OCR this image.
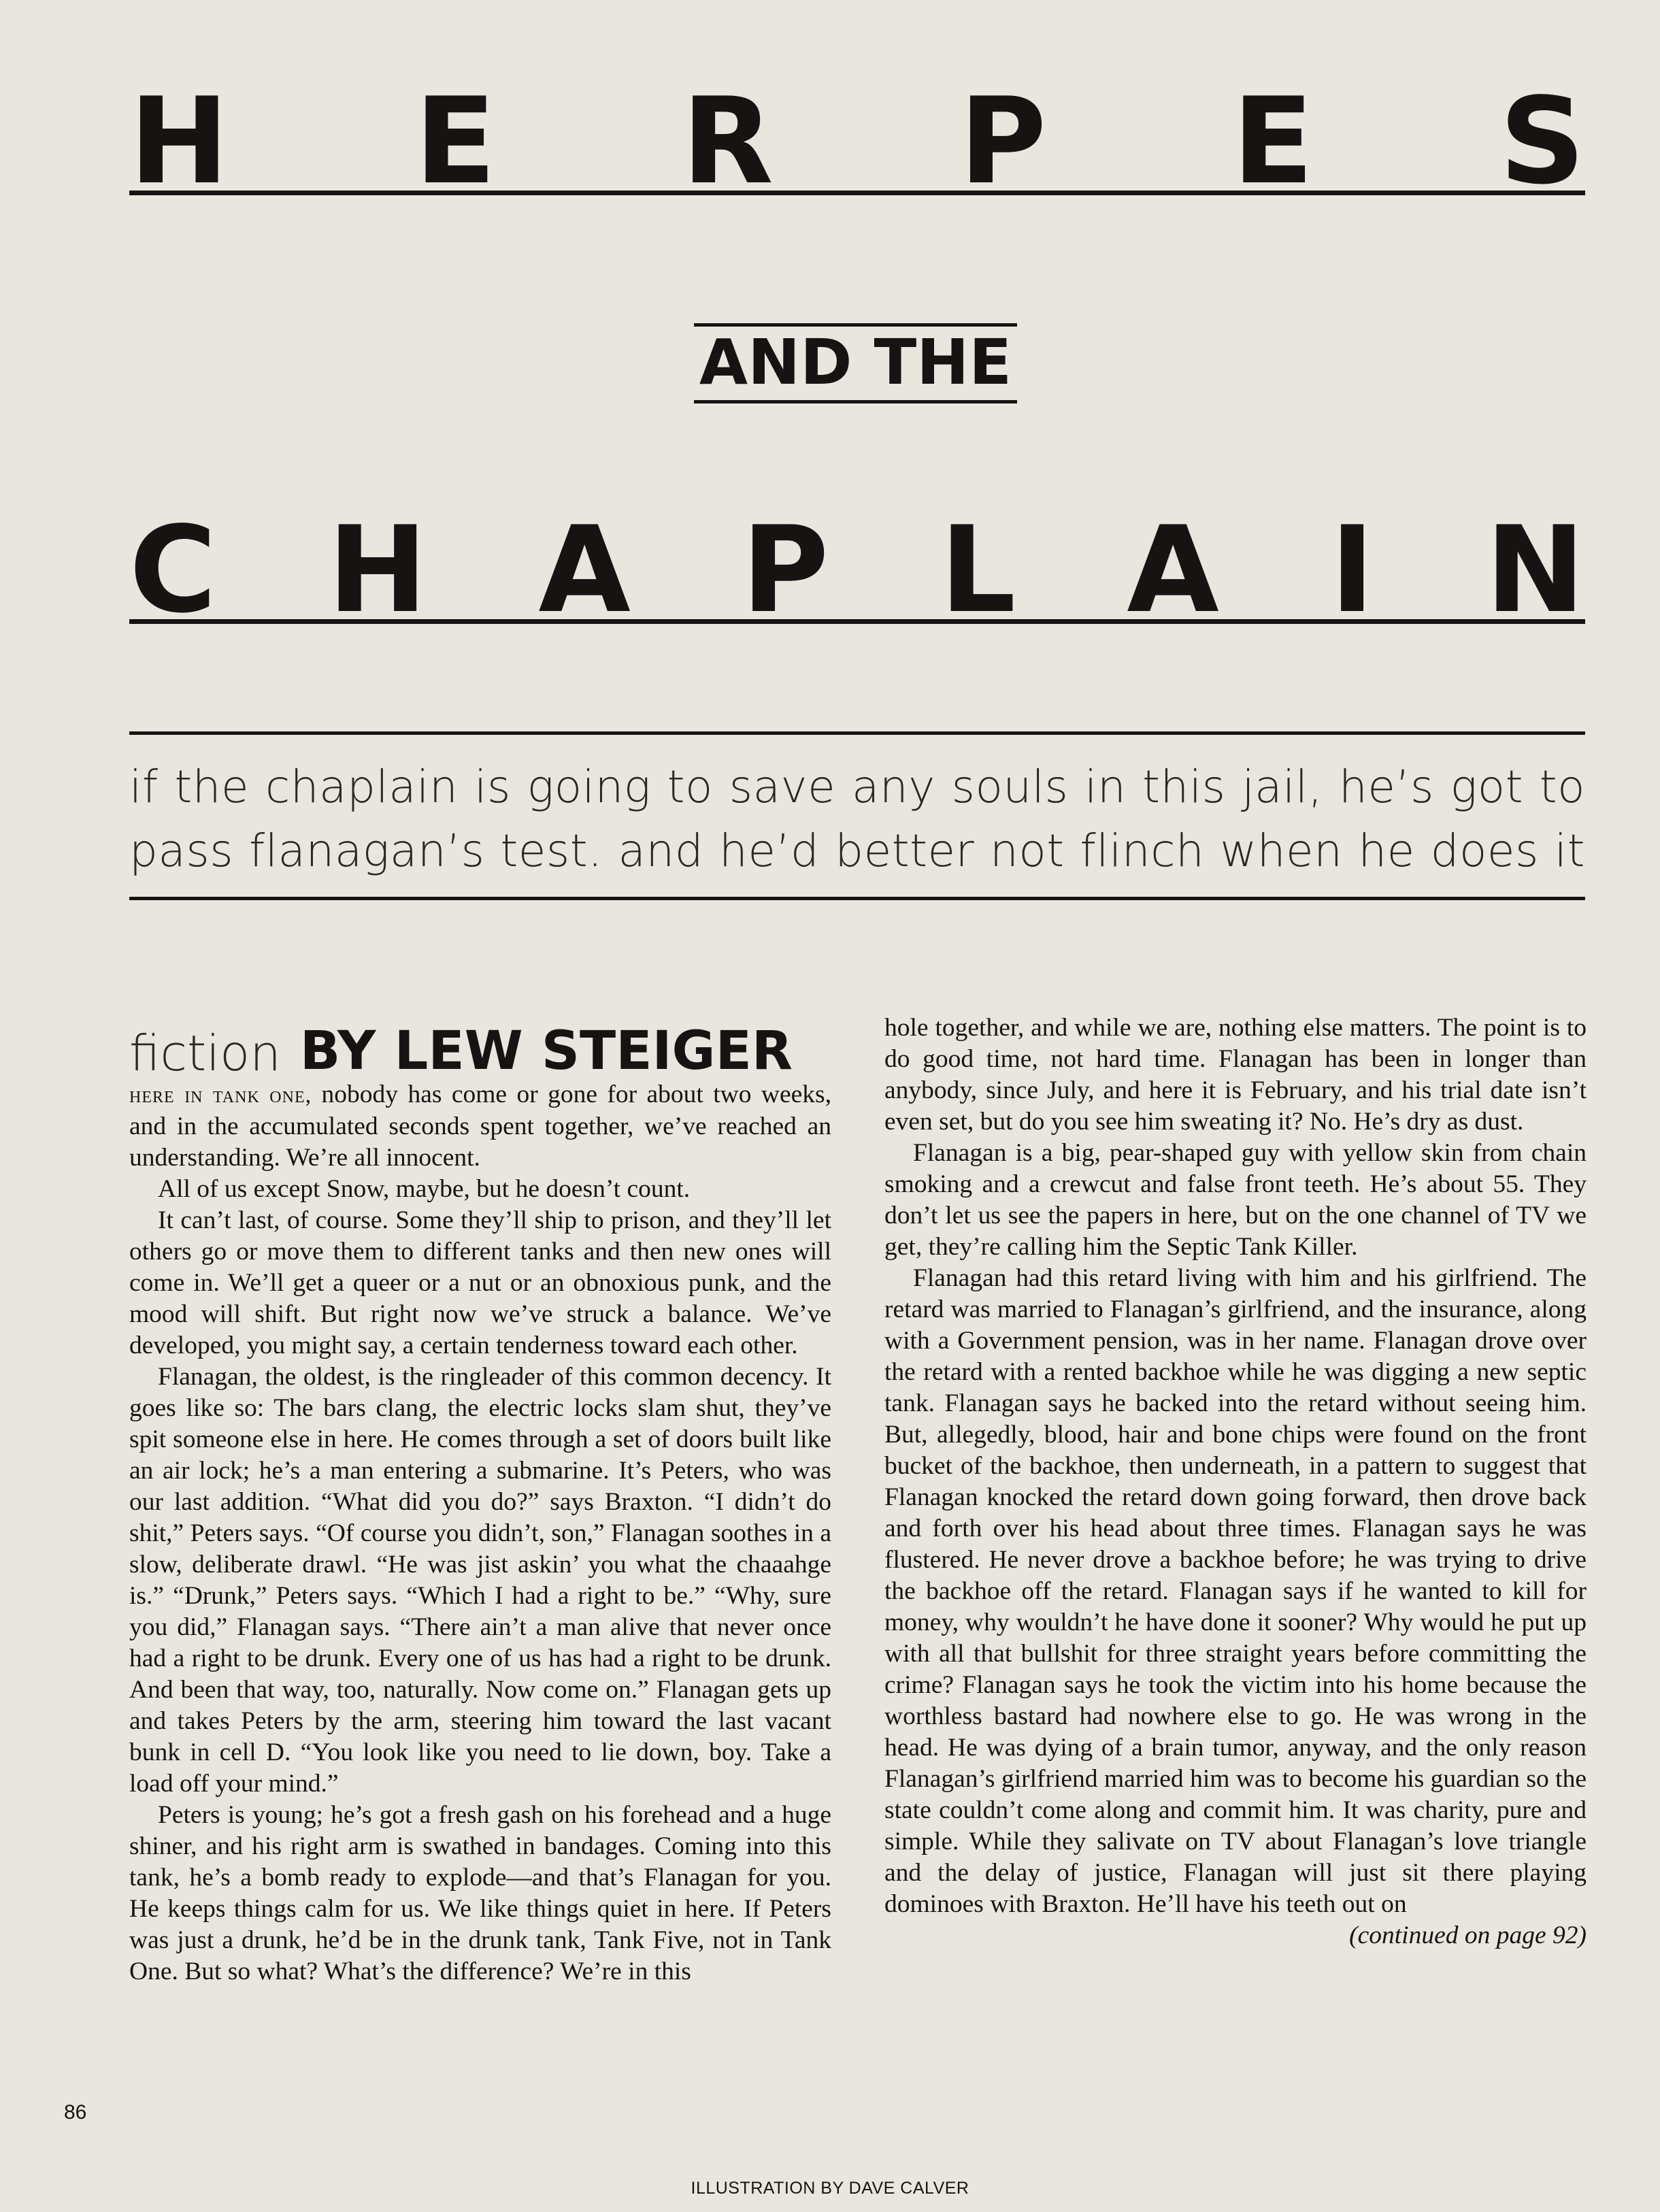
H E R P E S
AND THE
C H A P L A I N
if the chaplain is going to save any souls in this jail, he’s got to
pass flanagan’s test. and he’d better not flinch when he does it
fiction BY LEW STEIGER

here in tank one, nobody has come or gone for about two weeks, and in the accumulated seconds spent together, we’ve reached an understanding. We’re all innocent.

All of us except Snow, maybe, but he doesn’t count.

It can’t last, of course. Some they’ll ship to prison, and they’ll let others go or move them to different tanks and then new ones will come in. We’ll get a queer or a nut or an obnoxious punk, and the mood will shift. But right now we’ve struck a balance. We’ve developed, you might say, a certain tenderness toward each other.

Flanagan, the oldest, is the ringleader of this common decency. It goes like so: The bars clang, the electric locks slam shut, they’ve spit someone else in here. He comes through a set of doors built like an air lock; he’s a man entering a submarine. It’s Peters, who was our last addition. “What did you do?” says Braxton. “I didn’t do shit,” Peters says. “Of course you didn’t, son,” Flanagan soothes in a slow, deliberate drawl. “He was jist askin’ you what the chaaahge is.” “Drunk,” Peters says. “Which I had a right to be.” “Why, sure you did,” Flanagan says. “There ain’t a man alive that never once had a right to be drunk. Every one of us has had a right to be drunk. And been that way, too, naturally. Now come on.” Flanagan gets up and takes Peters by the arm, steering him toward the last vacant bunk in cell D. “You look like you need to lie down, boy. Take a load off your mind.”

Peters is young; he’s got a fresh gash on his forehead and a huge shiner, and his right arm is swathed in bandages. Coming into this tank, he’s a bomb ready to explode—and that’s Flanagan for you. He keeps things calm for us. We like things quiet in here. If Peters was just a drunk, he’d be in the drunk tank, Tank Five, not in Tank One. But so what? What’s the difference? We’re in this

hole together, and while we are, nothing else matters. The point is to do good time, not hard time. Flanagan has been in longer than anybody, since July, and here it is February, and his trial date isn’t even set, but do you see him sweating it? No. He’s dry as dust.

Flanagan is a big, pear-shaped guy with yellow skin from chain smoking and a crewcut and false front teeth. He’s about 55. They don’t let us see the papers in here, but on the one channel of TV we get, they’re calling him the Septic Tank Killer.

Flanagan had this retard living with him and his girlfriend. The retard was married to Flanagan’s girlfriend, and the insurance, along with a Government pension, was in her name. Flanagan drove over the retard with a rented backhoe while he was digging a new septic tank. Flanagan says he backed into the retard without seeing him. But, allegedly, blood, hair and bone chips were found on the front bucket of the backhoe, then underneath, in a pattern to suggest that Flanagan knocked the retard down going forward, then drove back and forth over his head about three times. Flanagan says he was flustered. He never drove a backhoe before; he was trying to drive the backhoe off the retard. Flanagan says if he wanted to kill for money, why wouldn’t he have done it sooner? Why would he put up with all that bullshit for three straight years before committing the crime? Flanagan says he took the victim into his home because the worthless bastard had nowhere else to go. He was wrong in the head. He was dying of a brain tumor, anyway, and the only reason Flanagan’s girlfriend married him was to become his guardian so the state couldn’t come along and commit him. It was charity, pure and simple. While they salivate on TV about Flanagan’s love triangle and the delay of justice, Flanagan will just sit there playing dominoes with Braxton. He’ll have his teeth out on
(continued on page 92)

86
ILLUSTRATION BY DAVE CALVER
